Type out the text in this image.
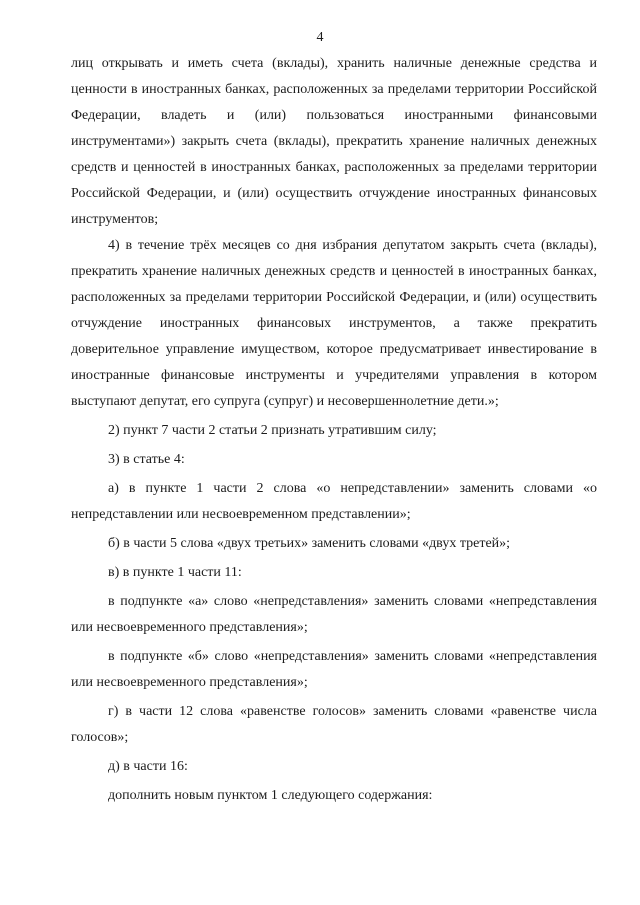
4

лиц открывать и иметь счета (вклады), хранить наличные денежные средства и ценности в иностранных банках, расположенных за пределами территории Российской Федерации, владеть и (или) пользоваться иностранными финансовыми инструментами») закрыть счета (вклады), прекратить хранение наличных денежных средств и ценностей в иностранных банках, расположенных за пределами территории Российской Федерации, и (или) осуществить отчуждение иностранных финансовых инструментов;

4) в течение трёх месяцев со дня избрания депутатом закрыть счета (вклады), прекратить хранение наличных денежных средств и ценностей в иностранных банках, расположенных за пределами территории Российской Федерации, и (или) осуществить отчуждение иностранных финансовых инструментов, а также прекратить доверительное управление имуществом, которое предусматривает инвестирование в иностранные финансовые инструменты и учредителями управления в котором выступают депутат, его супруга (супруг) и несовершеннолетние дети.»;

2) пункт 7 части 2 статьи 2 признать утратившим силу;

3) в статье 4:

а) в пункте 1 части 2 слова «о непредставлении» заменить словами «о непредставлении или несвоевременном представлении»;

б) в части 5 слова «двух третьих» заменить словами «двух третей»;

в) в пункте 1 части 11:

в подпункте «а» слово «непредставления» заменить словами «непредставления или несвоевременного представления»;

в подпункте «б» слово «непредставления» заменить словами «непредставления или несвоевременного представления»;

г) в части 12 слова «равенстве голосов» заменить словами «равенстве числа голосов»;

д) в части 16:

дополнить новым пунктом 1 следующего содержания:
